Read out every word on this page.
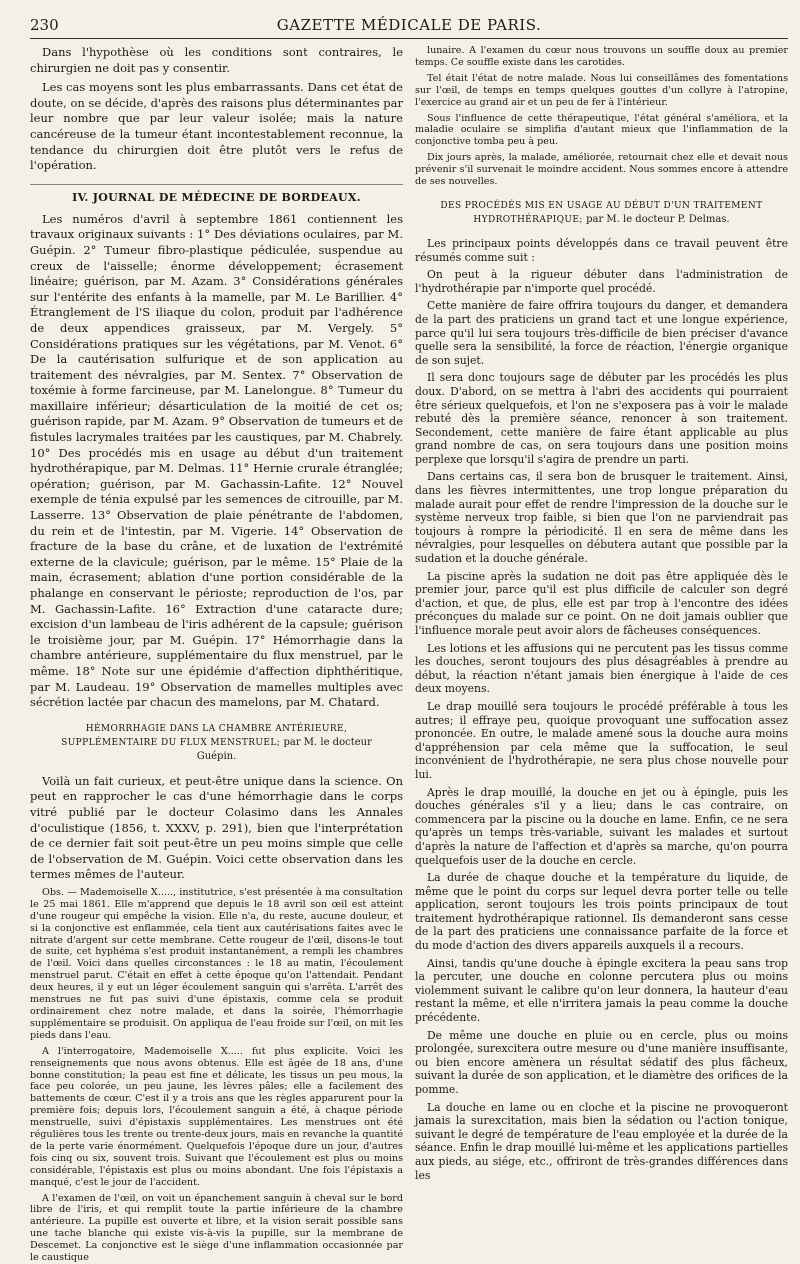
230	GAZETTE MÉDICALE DE PARIS.

Dans l'hypothèse où les conditions sont contraires, le chirurgien ne doit pas y consentir.

Les cas moyens sont les plus embarrassants. Dans cet état de doute, on se décide, d'après des raisons plus déterminantes par leur nombre que par leur valeur isolée; mais la nature cancéreuse de la tumeur étant incontestablement reconnue, la tendance du chirurgien doit être plutôt vers le refus de l'opération.

IV. JOURNAL DE MÉDECINE DE BORDEAUX.

Les numéros d'avril à septembre 1861 contiennent les travaux originaux suivants : 1° Des déviations oculaires, par M. Guépin. 2° Tumeur fibro-plastique pédiculée, suspendue au creux de l'aisselle; énorme développement; écrasement linéaire; guérison, par M. Azam. 3° Considérations générales sur l'entérite des enfants à la mamelle, par M. Le Barillier. 4° Étranglement de l'S iliaque du colon, produit par l'adhérence de deux appendices graisseux, par M. Vergely. 5° Considérations pratiques sur les végétations, par M. Venot. 6° De la cautérisation sulfurique et de son application au traitement des névralgies, par M. Sentex. 7° Observation de toxémie à forme farcineuse, par M. Lanelongue. 8° Tumeur du maxillaire inférieur; désarticulation de la moitié de cet os; guérison rapide, par M. Azam. 9° Observation de tumeurs et de fistules lacrymales traitées par les caustiques, par M. Chabrely. 10° Des procédés mis en usage au début d'un traitement hydrothérapique, par M. Delmas. 11° Hernie crurale étranglée; opération; guérison, par M. Gachassin-Lafite. 12° Nouvel exemple de ténia expulsé par les semences de citrouille, par M. Lasserre. 13° Observation de plaie pénétrante de l'abdomen, du rein et de l'intestin, par M. Vigerie. 14° Observation de fracture de la base du crâne, et de luxation de l'extrémité externe de la clavicule; guérison, par le même. 15° Plaie de la main, écrasement; ablation d'une portion considérable de la phalange en conservant le périoste; reproduction de l'os, par M. Gachassin-Lafite. 16° Extraction d'une cataracte dure; excision d'un lambeau de l'iris adhérent de la capsule; guérison le troisième jour, par M. Guépin. 17° Hémorrhagie dans la chambre antérieure, supplémentaire du flux menstruel, par le même. 18° Note sur une épidémie d'affection diphthéritique, par M. Laudeau. 19° Observation de mamelles multiples avec sécrétion lactée par chacun des mamelons, par M. Chatard.

HÉMORRHAGIE DANS LA CHAMBRE ANTÉRIEURE, SUPPLÉMENTAIRE DU FLUX MENSTRUEL; par M. le docteur Guépin.

Voilà un fait curieux, et peut-être unique dans la science. On peut en rapprocher le cas d'une hémorrhagie dans le corps vitré publié par le docteur Colasimo dans les Annales d'oculistique (1856, t. XXXV, p. 291), bien que l'interprétation de ce dernier fait soit peut-être un peu moins simple que celle de l'observation de M. Guépin. Voici cette observation dans les termes mêmes de l'auteur.

Obs. — Mademoiselle X....., institutrice, s'est présentée à ma consultation le 25 mai 1861. Elle m'apprend que depuis le 18 avril son œil est atteint d'une rougeur qui empêche la vision. Elle n'a, du reste, aucune douleur, et si la conjonctive est enflammée, cela tient aux cautérisations faites avec le nitrate d'argent sur cette membrane. Cette rougeur de l'œil, disons-le tout de suite, cet hyphéma s'est produit instantanément, a rempli les chambres de l'œil. Voici dans quelles circonstances : le 18 au matin, l'écoulement menstruel parut. C'était en effet à cette époque qu'on l'attendait. Pendant deux heures, il y eut un léger écoulement sanguin qui s'arrêta. L'arrêt des menstrues ne fut pas suivi d'une épistaxis, comme cela se produit ordinairement chez notre malade, et dans la soirée, l'hémorrhagie supplémentaire se produisit. On appliqua de l'eau froide sur l'œil, on mit les pieds dans l'eau.

A l'interrogatoire, Mademoiselle X..... fut plus explicite. Voici les renseignements que nous avons obtenus. Elle est âgée de 18 ans, d'une bonne constitution; la peau est fine et délicate, les tissus un peu mous, la face peu colorée, un peu jaune, les lèvres pâles; elle a facilement des battements de cœur. C'est il y a trois ans que les règles apparurent pour la première fois; depuis lors, l'écoulement sanguin a été, à chaque période menstruelle, suivi d'épistaxis supplémentaires. Les menstrues ont été régulières tous les trente ou trente-deux jours, mais en revanche la quantité de la perte varie énormément. Quelquefois l'époque dure un jour, d'autres fois cinq ou six, souvent trois. Suivant que l'écoulement est plus ou moins considérable, l'épistaxis est plus ou moins abondant. Une fois l'épistaxis a manqué, c'est le jour de l'accident.

A l'examen de l'œil, on voit un épanchement sanguin à cheval sur le bord libre de l'iris, et qui remplit toute la partie inférieure de la chambre antérieure. La pupille est ouverte et libre, et la vision serait possible sans une tache blanche qui existe vis-à-vis la pupille, sur la membrane de Descemet. La conjonctive est le siège d'une inflammation occasionnée par le caustique

lunaire. A l'examen du cœur nous trouvons un souffle doux au premier temps. Ce souffle existe dans les carotides.

Tel était l'état de notre malade. Nous lui conseillâmes des fomentations sur l'œil, de temps en temps quelques gouttes d'un collyre à l'atropine, l'exercice au grand air et un peu de fer à l'intérieur.

Sous l'influence de cette thérapeutique, l'état général s'améliora, et la maladie oculaire se simplifia d'autant mieux que l'inflammation de la conjonctive tomba peu à peu.

Dix jours après, la malade, améliorée, retournait chez elle et devait nous prévenir s'il survenait le moindre accident. Nous sommes encore à attendre de ses nouvelles.

DES PROCÉDÉS MIS EN USAGE AU DÉBUT D'UN TRAITEMENT HYDROTHÉRAPIQUE; par M. le docteur P. Delmas.

Les principaux points développés dans ce travail peuvent être résumés comme suit :

On peut à la rigueur débuter dans l'administration de l'hydrothérapie par n'importe quel procédé.

Cette manière de faire offrira toujours du danger, et demandera de la part des praticiens un grand tact et une longue expérience, parce qu'il lui sera toujours très-difficile de bien préciser d'avance quelle sera la sensibilité, la force de réaction, l'énergie organique de son sujet.

Il sera donc toujours sage de débuter par les procédés les plus doux. D'abord, on se mettra à l'abri des accidents qui pourraient être sérieux quelquefois, et l'on ne s'exposera pas à voir le malade rebuté dès la première séance, renoncer à son traitement. Secondement, cette manière de faire étant applicable au plus grand nombre de cas, on sera toujours dans une position moins perplexe que lorsqu'il s'agira de prendre un parti.

Dans certains cas, il sera bon de brusquer le traitement. Ainsi, dans les fièvres intermittentes, une trop longue préparation du malade aurait pour effet de rendre l'impression de la douche sur le système nerveux trop faible, si bien que l'on ne parviendrait pas toujours à rompre la périodicité. Il en sera de même dans les névralgies, pour lesquelles on débutera autant que possible par la sudation et la douche générale.

La piscine après la sudation ne doit pas être appliquée dès le premier jour, parce qu'il est plus difficile de calculer son degré d'action, et que, de plus, elle est par trop à l'encontre des idées préconçues du malade sur ce point. On ne doit jamais oublier que l'influence morale peut avoir alors de fâcheuses conséquences.

Les lotions et les affusions qui ne percutent pas les tissus comme les douches, seront toujours des plus désagréables à prendre au début, la réaction n'étant jamais bien énergique à l'aide de ces deux moyens.

Le drap mouillé sera toujours le procédé préférable à tous les autres; il effraye peu, quoique provoquant une suffocation assez prononcée. En outre, le malade amené sous la douche aura moins d'appréhension par cela même que la suffocation, le seul inconvénient de l'hydrothérapie, ne sera plus chose nouvelle pour lui.

Après le drap mouillé, la douche en jet ou à épingle, puis les douches générales s'il y a lieu; dans le cas contraire, on commencera par la piscine ou la douche en lame. Enfin, ce ne sera qu'après un temps très-variable, suivant les malades et surtout d'après la nature de l'affection et d'après sa marche, qu'on pourra quelquefois user de la douche en cercle.

La durée de chaque douche et la température du liquide, de même que le point du corps sur lequel devra porter telle ou telle application, seront toujours les trois points principaux de tout traitement hydrothérapique rationnel. Ils demanderont sans cesse de la part des praticiens une connaissance parfaite de la force et du mode d'action des divers appareils auxquels il a recours.

Ainsi, tandis qu'une douche à épingle excitera la peau sans trop la percuter, une douche en colonne percutera plus ou moins violemment suivant le calibre qu'on leur donnera, la hauteur d'eau restant la même, et elle n'irritera jamais la peau comme la douche précédente.

De même une douche en pluie ou en cercle, plus ou moins prolongée, surexcitera outre mesure ou d'une manière insuffisante, ou bien encore amènera un résultat sédatif des plus fâcheux, suivant la durée de son application, et le diamètre des orifices de la pomme.

La douche en lame ou en cloche et la piscine ne provoqueront jamais la surexcitation, mais bien la sédation ou l'action tonique, suivant le degré de température de l'eau employée et la durée de la séance. Enfin le drap mouillé lui-même et les applications partielles aux pieds, au siége, etc., offriront de très-grandes différences dans les
